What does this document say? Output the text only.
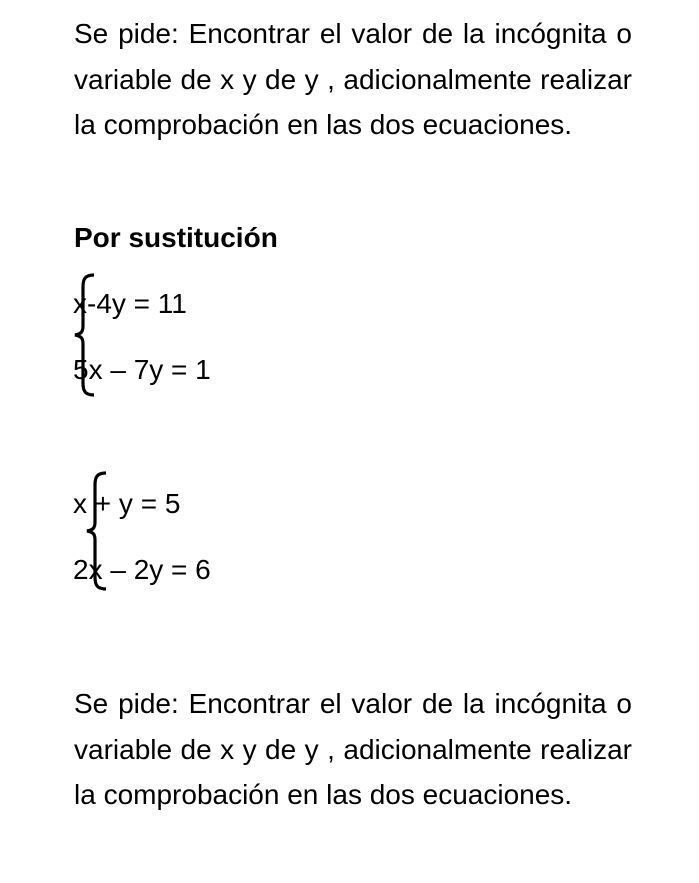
Se pide: Encontrar el valor de la incógnita o variable de x y de y , adicionalmente realizar la comprobación en las dos ecuaciones.

Por sustitución

x-4y = 11

5x – 7y = 1

x + y = 5

2x – 2y = 6

Se pide: Encontrar el valor de la incógnita o variable de x y de y , adicionalmente realizar la comprobación en las dos ecuaciones.
